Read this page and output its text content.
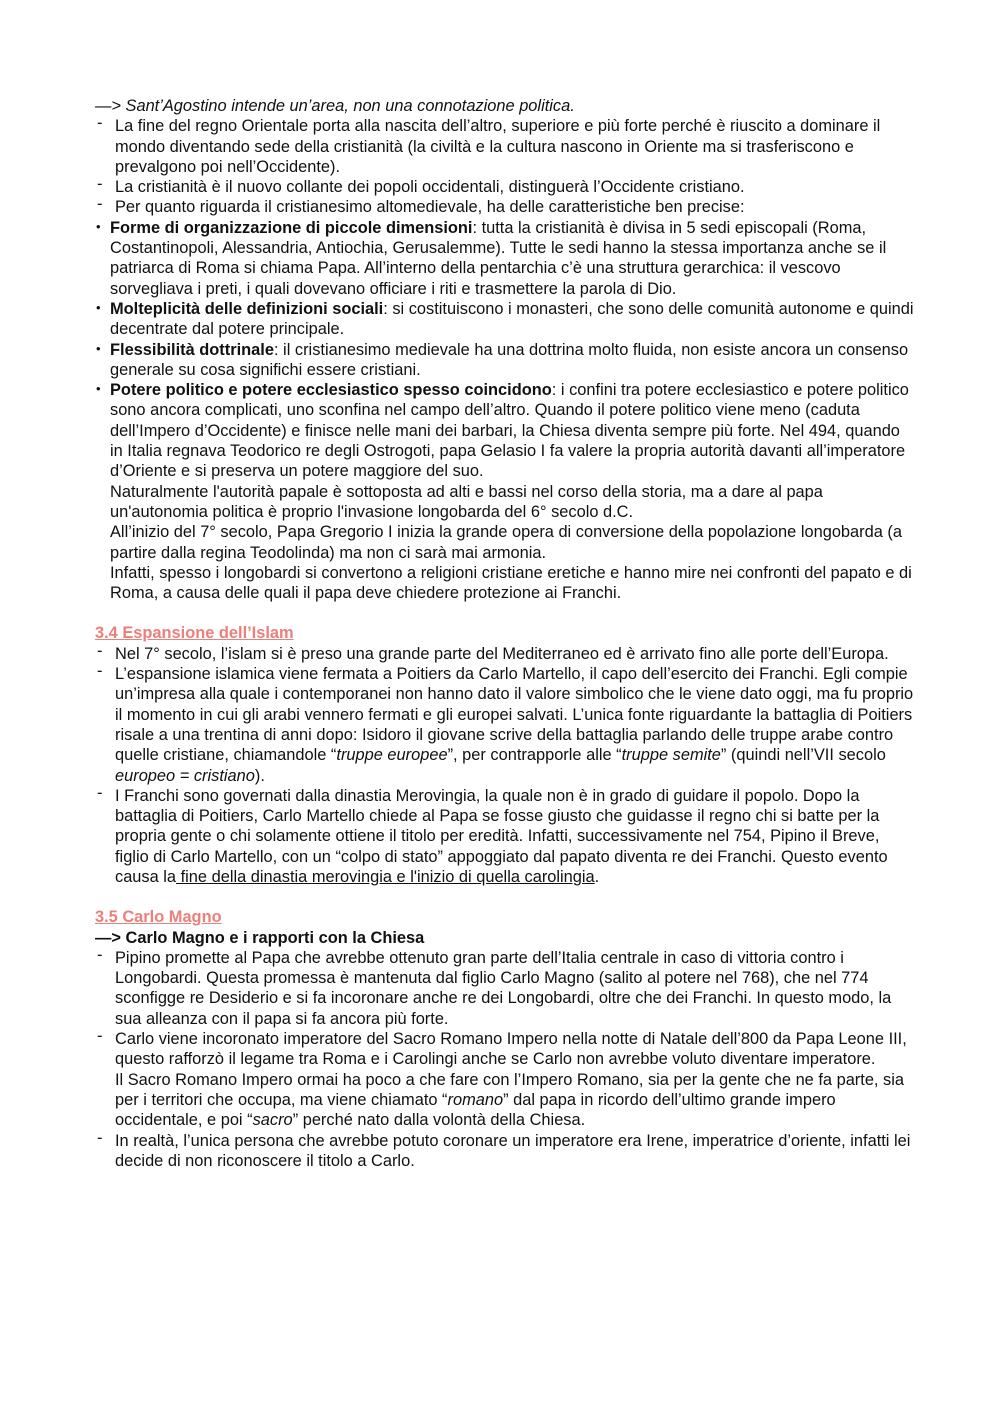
—> Sant’Agostino intende un’area, non una connotazione politica.

- La fine del regno Orientale porta alla nascita dell’altro, superiore e più forte perché è riuscito a dominare il mondo diventando sede della cristianità (la civiltà e la cultura nascono in Oriente ma si trasferiscono e prevalgono poi nell’Occidente).

- La cristianità è il nuovo collante dei popoli occidentali, distinguerà l’Occidente cristiano.

- Per quanto riguarda il cristianesimo altomedievale, ha delle caratteristiche ben precise:

• Forme di organizzazione di piccole dimensioni: tutta la cristianità è divisa in 5 sedi episcopali (Roma, Costantinopoli, Alessandria, Antiochia, Gerusalemme). Tutte le sedi hanno la stessa importanza anche se il patriarca di Roma si chiama Papa. All’interno della pentarchia c’è una struttura gerarchica: il vescovo sorvegliava i preti, i quali dovevano officiare i riti e trasmettere la parola di Dio.

• Molteplicità delle definizioni sociali: si costituiscono i monasteri, che sono delle comunità autonome e quindi decentrate dal potere principale.

• Flessibilità dottrinale: il cristianesimo medievale ha una dottrina molto fluida, non esiste ancora un consenso generale su cosa significhi essere cristiani.

• Potere politico e potere ecclesiastico spesso coincidono: i confini tra potere ecclesiastico e potere politico sono ancora complicati, uno sconfina nel campo dell’altro. Quando il potere politico viene meno (caduta dell’Impero d’Occidente) e finisce nelle mani dei barbari, la Chiesa diventa sempre più forte. Nel 494, quando in Italia regnava Teodorico re degli Ostrogoti, papa Gelasio I fa valere la propria autorità davanti all’imperatore d’Oriente e si preserva un potere maggiore del suo.

Naturalmente l'autorità papale è sottoposta ad alti e bassi nel corso della storia, ma a dare al papa un'autonomia politica è proprio l'invasione longobarda del 6° secolo d.C.

All’inizio del 7° secolo, Papa Gregorio I inizia la grande opera di conversione della popolazione longobarda (a partire dalla regina Teodolinda) ma non ci sarà mai armonia.

Infatti, spesso i longobardi si convertono a religioni cristiane eretiche e hanno mire nei confronti del papato e di Roma, a causa delle quali il papa deve chiedere protezione ai Franchi.

3.4 Espansione dell’Islam

- Nel 7° secolo, l’islam si è preso una grande parte del Mediterraneo ed è arrivato fino alle porte dell’Europa.

- L’espansione islamica viene fermata a Poitiers da Carlo Martello, il capo dell’esercito dei Franchi. Egli compie un’impresa alla quale i contemporanei non hanno dato il valore simbolico che le viene dato oggi, ma fu proprio il momento in cui gli arabi vennero fermati e gli europei salvati. L’unica fonte riguardante la battaglia di Poitiers risale a una trentina di anni dopo: Isidoro il giovane scrive della battaglia parlando delle truppe arabe contro quelle cristiane, chiamandole “truppe europee”, per contrapporle alle “truppe semite” (quindi nell’VII secolo europeo = cristiano).

- I Franchi sono governati dalla dinastia Merovingia, la quale non è in grado di guidare il popolo. Dopo la battaglia di Poitiers, Carlo Martello chiede al Papa se fosse giusto che guidasse il regno chi si batte per la propria gente o chi solamente ottiene il titolo per eredità. Infatti, successivamente nel 754, Pipino il Breve, figlio di Carlo Martello, con un “colpo di stato” appoggiato dal papato diventa re dei Franchi. Questo evento causa la fine della dinastia merovingia e l'inizio di quella carolingia.

3.5 Carlo Magno

—> Carlo Magno e i rapporti con la Chiesa

- Pipino promette al Papa che avrebbe ottenuto gran parte dell’Italia centrale in caso di vittoria contro i Longobardi. Questa promessa è mantenuta dal figlio Carlo Magno (salito al potere nel 768), che nel 774 sconfigge re Desiderio e si fa incoronare anche re dei Longobardi, oltre che dei Franchi. In questo modo, la sua alleanza con il papa si fa ancora più forte.

- Carlo viene incoronato imperatore del Sacro Romano Impero nella notte di Natale dell’800 da Papa Leone III, questo rafforzò il legame tra Roma e i Carolingi anche se Carlo non avrebbe voluto diventare imperatore.

Il Sacro Romano Impero ormai ha poco a che fare con l’Impero Romano, sia per la gente che ne fa parte, sia per i territori che occupa, ma viene chiamato “romano” dal papa in ricordo dell’ultimo grande impero occidentale, e poi “sacro” perché nato dalla volontà della Chiesa.

- In realtà, l’unica persona che avrebbe potuto coronare un imperatore era Irene, imperatrice d’oriente, infatti lei decide di non riconoscere il titolo a Carlo.
